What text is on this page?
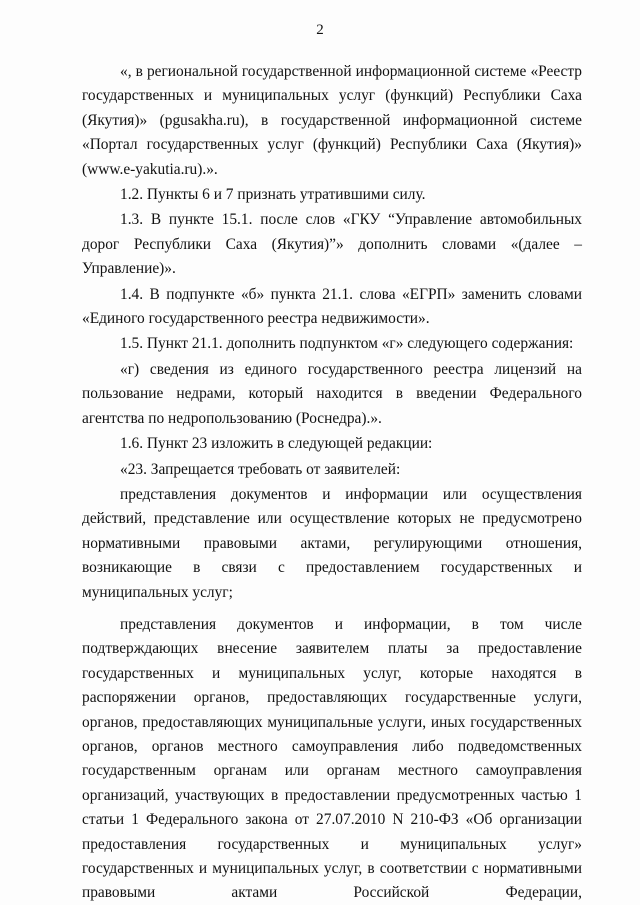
2

«, в региональной государственной информационной системе «Реестр государственных и муниципальных услуг (функций) Республики Саха (Якутия)» (pgusakha.ru), в государственной информационной системе «Портал государственных услуг (функций) Республики Саха (Якутия)» (www.e-yakutia.ru).».

1.2. Пункты 6 и 7 признать утратившими силу.

1.3. В пункте 15.1. после слов «ГКУ “Управление автомобильных дорог Республики Саха (Якутия)”» дополнить словами «(далее – Управление)».

1.4. В подпункте «б» пункта 21.1. слова «ЕГРП» заменить словами «Единого государственного реестра недвижимости».

1.5. Пункт 21.1. дополнить подпунктом «г» следующего содержания:

«г) сведения из единого государственного реестра лицензий на пользование недрами, который находится в введении Федерального агентства по недропользованию (Роснедра).».

1.6. Пункт 23 изложить в следующей редакции:

«23. Запрещается требовать от заявителей:

представления документов и информации или осуществления действий, представление или осуществление которых не предусмотрено нормативными правовыми актами, регулирующими отношения, возникающие в связи с предоставлением государственных и муниципальных услуг;

представления документов и информации, в том числе подтверждающих внесение заявителем платы за предоставление государственных и муниципальных услуг, которые находятся в распоряжении органов, предоставляющих государственные услуги, органов, предоставляющих муниципальные услуги, иных государственных органов, органов местного самоуправления либо подведомственных государственным органам или органам местного самоуправления организаций, участвующих в предоставлении предусмотренных частью 1 статьи 1 Федерального закона от 27.07.2010 N 210-ФЗ «Об организации предоставления государственных и муниципальных услуг» государственных и муниципальных услуг, в соответствии с нормативными правовыми актами Российской Федерации,
